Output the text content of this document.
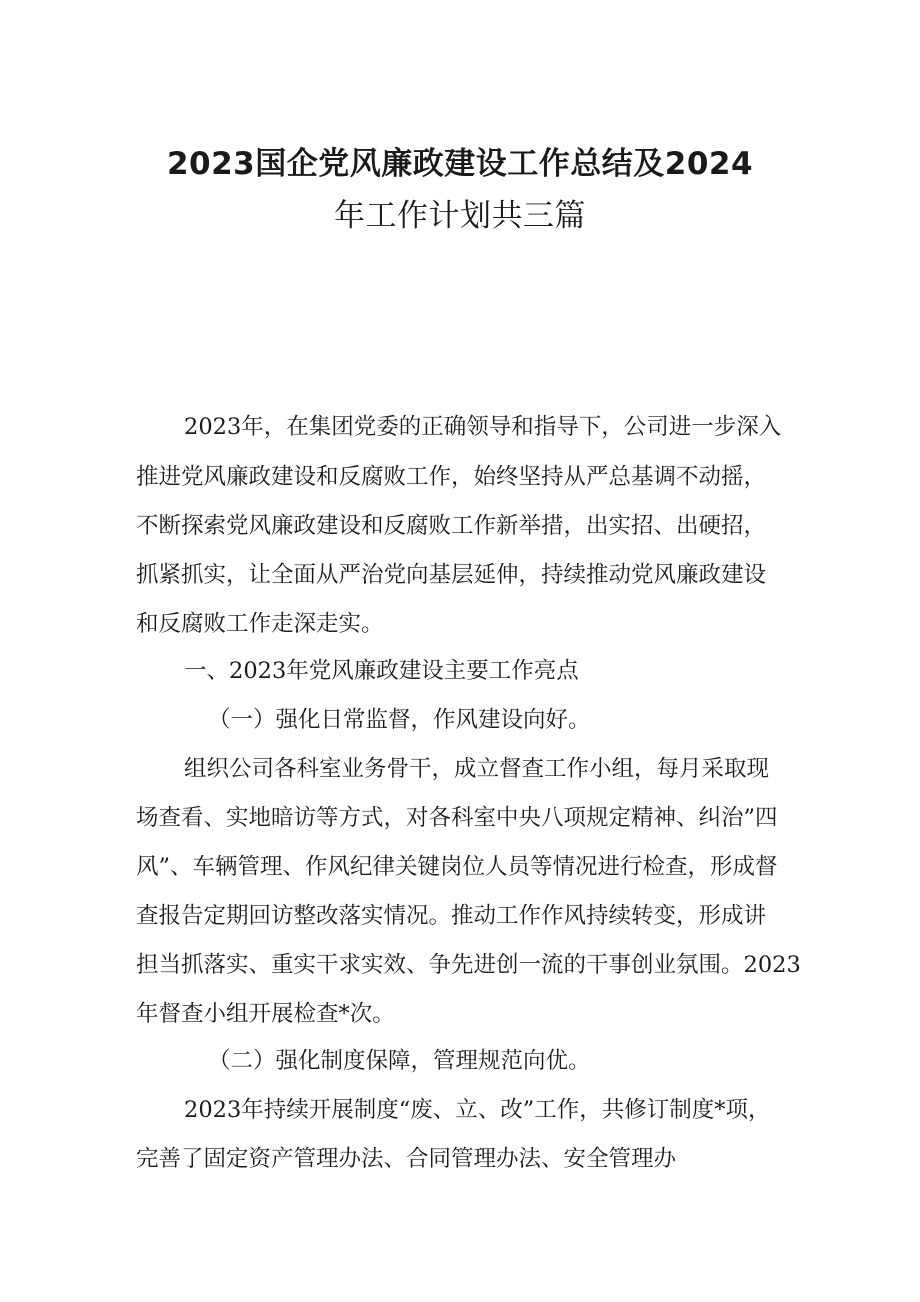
2023国企党风廉政建设工作总结及2024
年工作计划共三篇
2023年，在集团党委的正确领导和指导下，公司进一步深入
推进党风廉政建设和反腐败工作，始终坚持从严总基调不动摇，
不断探索党风廉政建设和反腐败工作新举措，出实招、出硬招，
抓紧抓实，让全面从严治党向基层延伸，持续推动党风廉政建设
和反腐败工作走深走实。
一、2023年党风廉政建设主要工作亮点
（一）强化日常监督，作风建设向好。
组织公司各科室业务骨干，成立督查工作小组，每月采取现
场查看、实地暗访等方式，对各科室中央八项规定精神、纠治”四
风”、车辆管理、作风纪律关键岗位人员等情况进行检查，形成督
查报告定期回访整改落实情况。推动工作作风持续转变，形成讲
担当抓落实、重实干求实效、争先进创一流的干事创业氛围。2023
年督查小组开展检查*次。
（二）强化制度保障，管理规范向优。
2023年持续开展制度“废、立、改”工作，共修订制度*项，
完善了固定资产管理办法、合同管理办法、安全管理办
